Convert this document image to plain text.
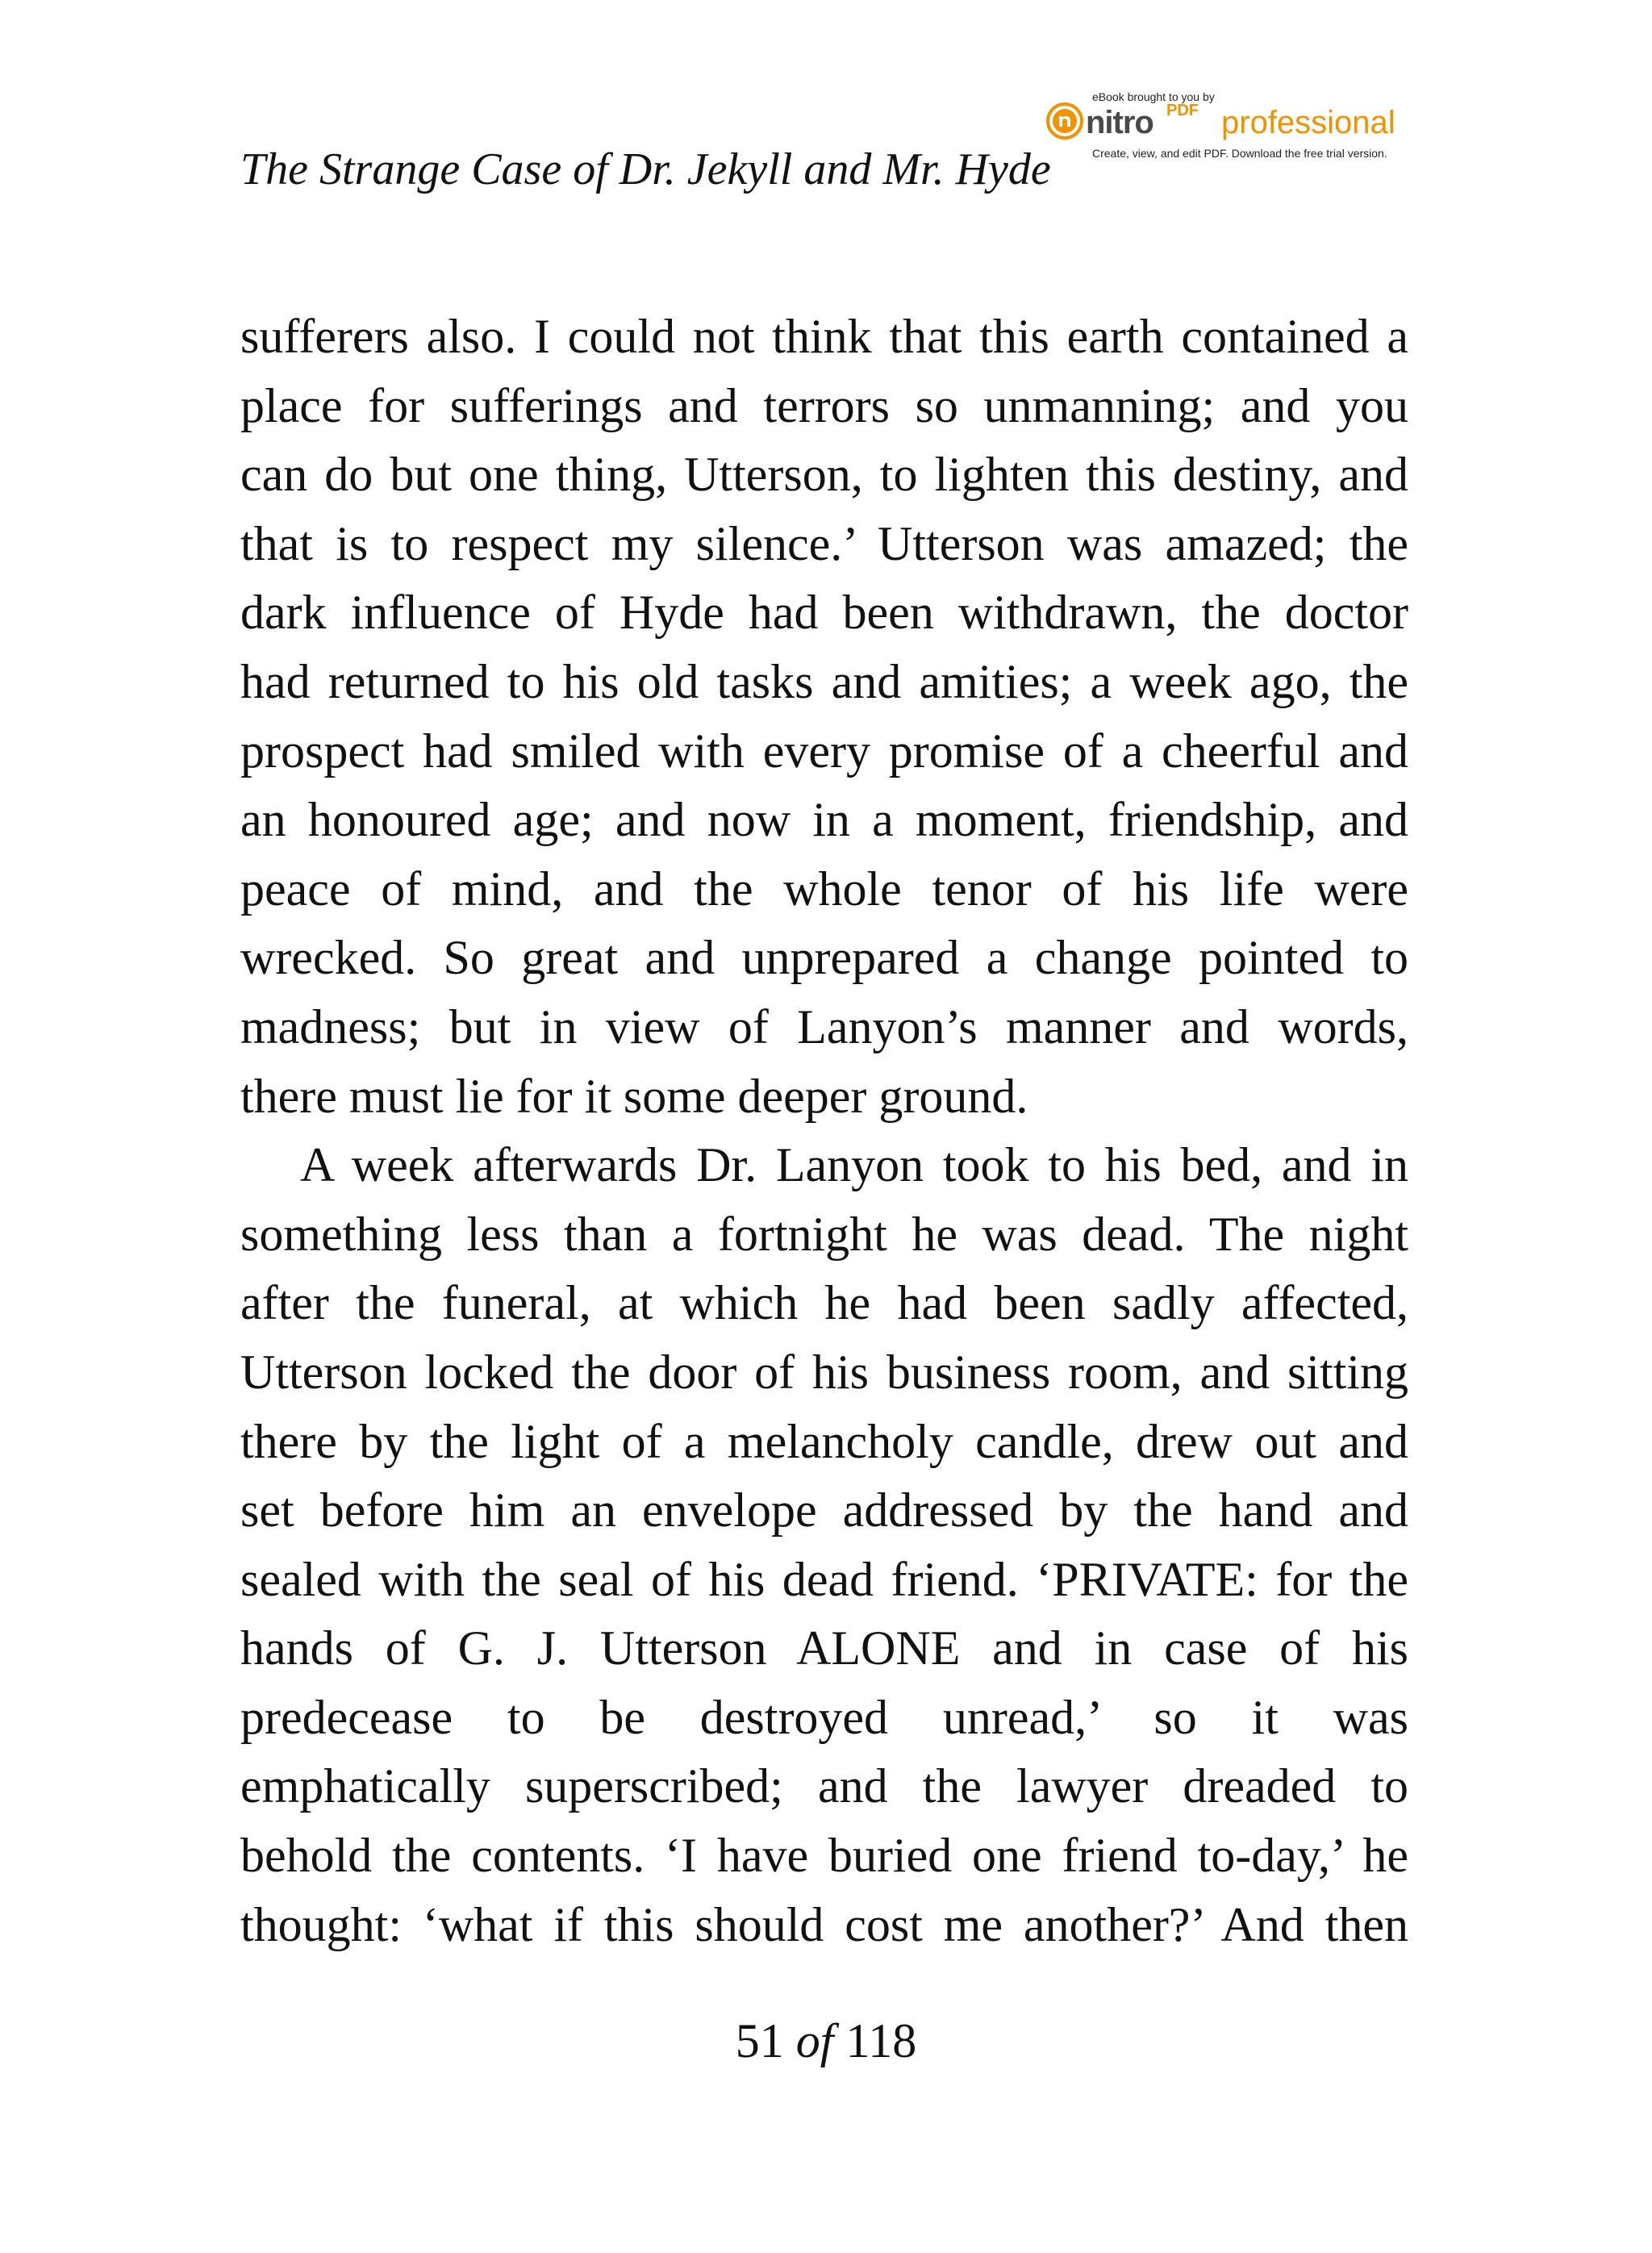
The Strange Case of Dr. Jekyll and Mr. Hyde
eBook brought to you by
nitro PDF professional
Create, view, and edit PDF. Download the free trial version.
sufferers also. I could not think that this earth contained a
place for sufferings and terrors so unmanning; and you
can do but one thing, Utterson, to lighten this destiny, and
that is to respect my silence.’ Utterson was amazed; the
dark influence of Hyde had been withdrawn, the doctor
had returned to his old tasks and amities; a week ago, the
prospect had smiled with every promise of a cheerful and
an honoured age; and now in a moment, friendship, and
peace of mind, and the whole tenor of his life were
wrecked. So great and unprepared a change pointed to
madness; but in view of Lanyon’s manner and words,
there must lie for it some deeper ground.
A week afterwards Dr. Lanyon took to his bed, and in
something less than a fortnight he was dead. The night
after the funeral, at which he had been sadly affected,
Utterson locked the door of his business room, and sitting
there by the light of a melancholy candle, drew out and
set before him an envelope addressed by the hand and
sealed with the seal of his dead friend. ‘PRIVATE: for the
hands of G. J. Utterson ALONE and in case of his
predecease to be destroyed unread,’ so it was
emphatically superscribed; and the lawyer dreaded to
behold the contents. ‘I have buried one friend to-day,’ he
thought: ‘what if this should cost me another?’ And then
51 of 118
